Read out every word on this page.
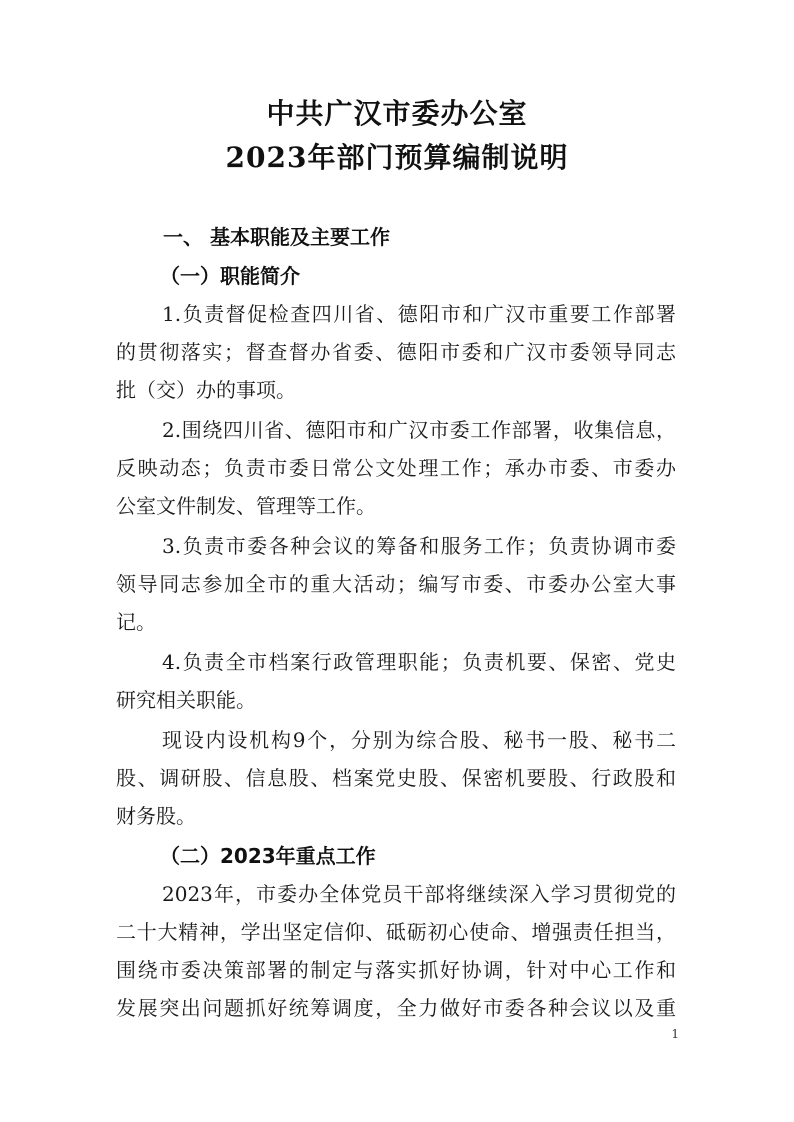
中共广汉市委办公室
2023年部门预算编制说明
一、 基本职能及主要工作
（一）职能简介
1.负责督促检查四川省、德阳市和广汉市重要工作部署
的贯彻落实；督查督办省委、德阳市委和广汉市委领导同志
批（交）办的事项。
2.围绕四川省、德阳市和广汉市委工作部署，收集信息，
反映动态；负责市委日常公文处理工作；承办市委、市委办
公室文件制发、管理等工作。
3.负责市委各种会议的筹备和服务工作；负责协调市委
领导同志参加全市的重大活动；编写市委、市委办公室大事
记。
4.负责全市档案行政管理职能；负责机要、保密、党史
研究相关职能。
现设内设机构9个，分别为综合股、秘书一股、秘书二
股、调研股、信息股、档案党史股、保密机要股、行政股和
财务股。
（二）2023年重点工作
2023年，市委办全体党员干部将继续深入学习贯彻党的
二十大精神，学出坚定信仰、砥砺初心使命、增强责任担当，
围绕市委决策部署的制定与落实抓好协调，针对中心工作和
发展突出问题抓好统筹调度，全力做好市委各种会议以及重
1
